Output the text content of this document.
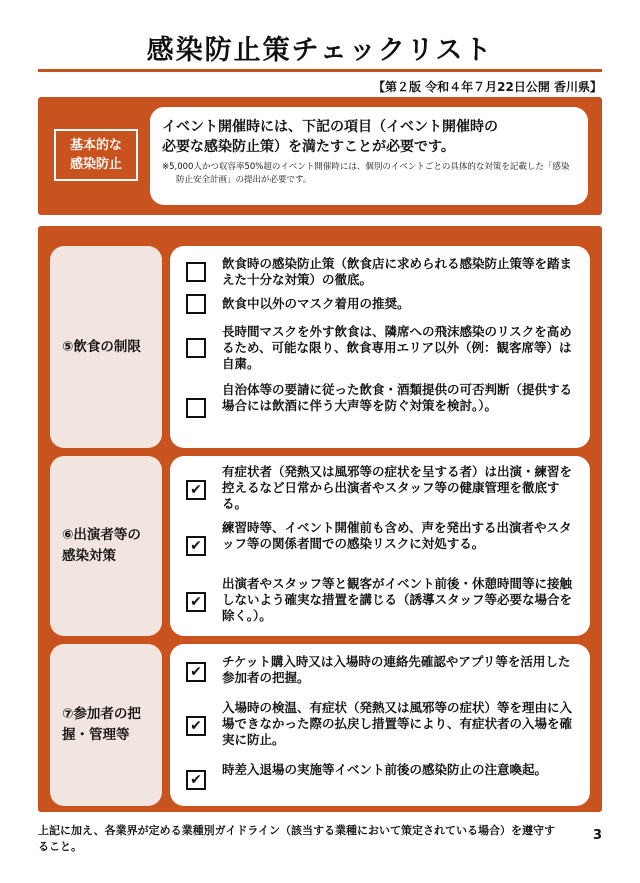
感染防止策チェックリスト
【第２版 令和４年７月22日公開 香川県】
基本的な
感染防止
イベント開催時には、下記の項目（イベント開催時の
必要な感染防止策）を満たすことが必要です。
※5,000人かつ収容率50%超のイベント開催時には、個別のイベントごとの具体的な対策を記載した「感染防止安全計画」の提出が必要です。
⑤飲食の制限
飲食時の感染防止策（飲食店に求められる感染防止策等を踏まえた十分な対策）の徹底。
飲食中以外のマスク着用の推奨。
長時間マスクを外す飲食は、隣席への飛沫感染のリスクを高めるため、可能な限り、飲食専用エリア以外（例：観客席等）は自粛。
自治体等の要請に従った飲食・酒類提供の可否判断（提供する場合には飲酒に伴う大声等を防ぐ対策を検討。）。
⑥出演者等の感染対策
✔
有症状者（発熱又は風邪等の症状を呈する者）は出演・練習を控えるなど日常から出演者やスタッフ等の健康管理を徹底する。
✔
練習時等、イベント開催前も含め、声を発出する出演者やスタッフ等の関係者間での感染リスクに対処する。
✔
出演者やスタッフ等と観客がイベント前後・休憩時間等に接触しないよう確実な措置を講じる（誘導スタッフ等必要な場合を除く。）。
⑦参加者の把握・管理等
✔
チケット購入時又は入場時の連絡先確認やアプリ等を活用した参加者の把握。
✔
入場時の検温、有症状（発熱又は風邪等の症状）等を理由に入場できなかった際の払戻し措置等により、有症状者の入場を確実に防止。
✔
時差入退場の実施等イベント前後の感染防止の注意喚起。
上記に加え、各業界が定める業種別ガイドライン（該当する業種において策定されている場合）を遵守すること。
3
